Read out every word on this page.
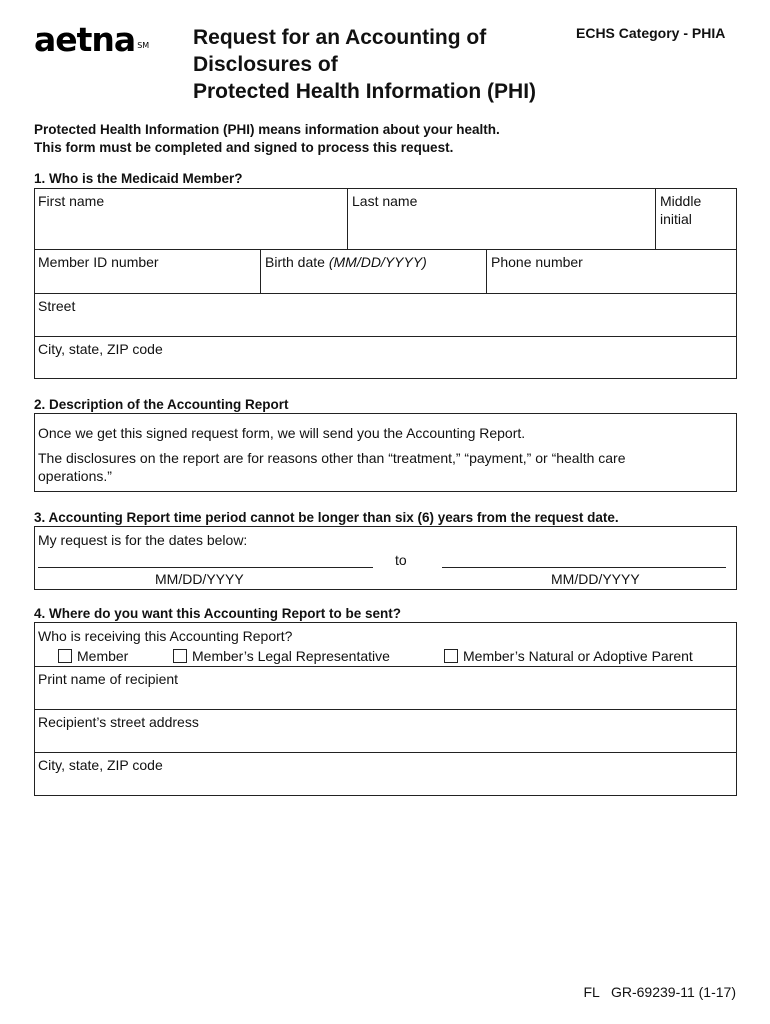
aetna ℠ Request for an Accounting of
Disclosures of
Protected Health Information (PHI)
ECHS Category - PHIA
Protected Health Information (PHI) means information about your health.
This form must be completed and signed to process this request.
1. Who is the Medicaid Member?
First name	Last name	Middle
initial
Member ID number	Birth date (MM/DD/YYYY)	Phone number
Street
City, state, ZIP code
2. Description of the Accounting Report
Once we get this signed request form, we will send you the Accounting Report.
The disclosures on the report are for reasons other than “treatment,” “payment,” or “health care
operations.”
3. Accounting Report time period cannot be longer than six (6) years from the request date.
My request is for the dates below:
to
MM/DD/YYYY	MM/DD/YYYY
4. Where do you want this Accounting Report to be sent?
Who is receiving this Accounting Report?
Member	Member’s Legal Representative	Member’s Natural or Adoptive Parent
Print name of recipient
Recipient’s street address
City, state, ZIP code
FL   GR-69239-11 (1-17)
